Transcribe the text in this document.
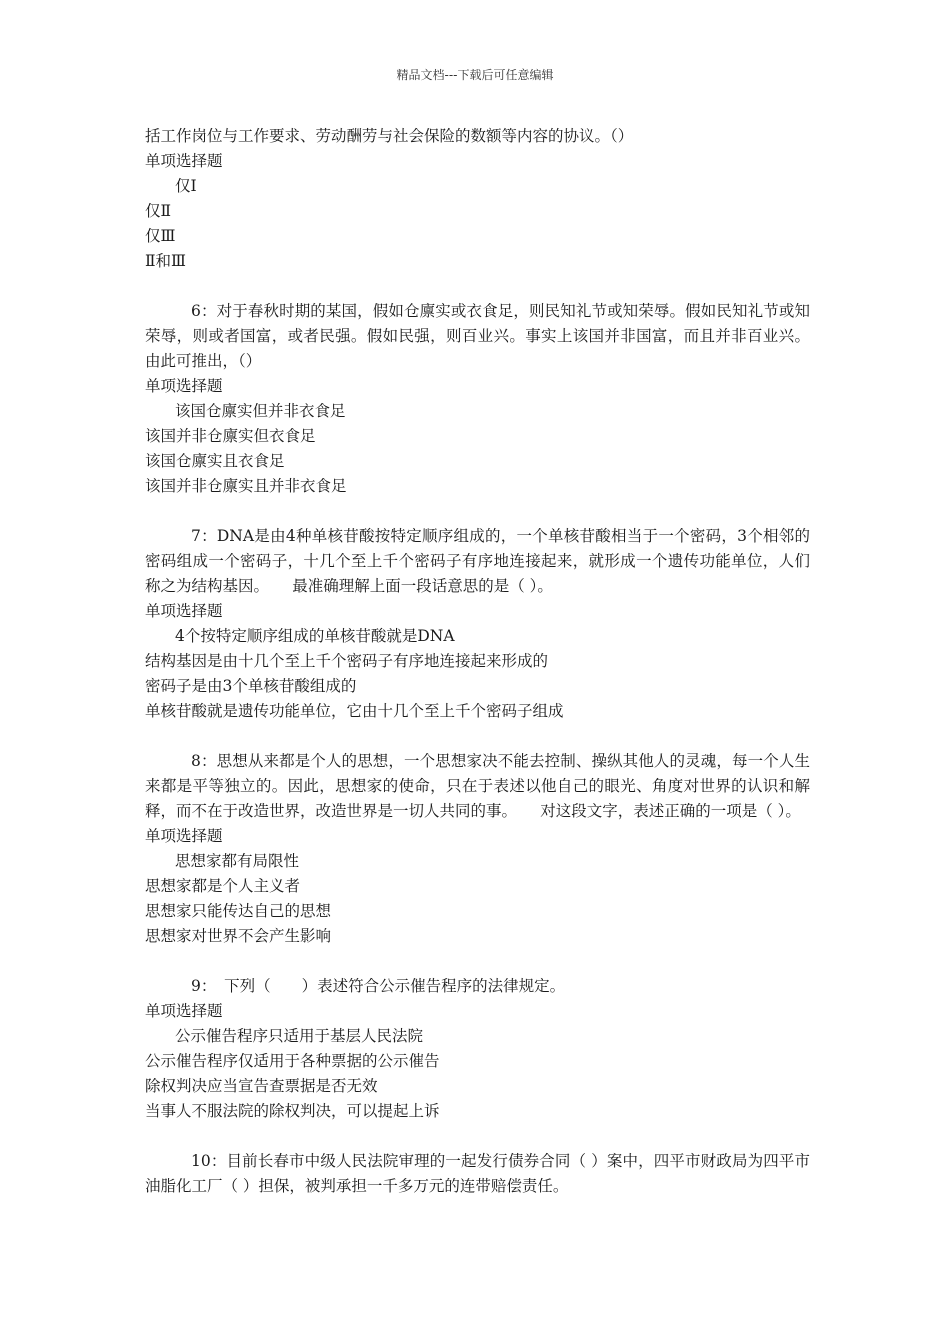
精品文档---下载后可任意编辑
括工作岗位与工作要求、劳动酬劳与社会保险的数额等内容的协议。（）
单项选择题
仅Ⅰ
仅Ⅱ
仅Ⅲ
Ⅱ和Ⅲ
6：对于春秋时期的某国，假如仓廪实或衣食足，则民知礼节或知荣辱。假如民知礼节或知荣辱，则或者国富，或者民强。假如民强，则百业兴。事实上该国并非国富，而且并非百业兴。由此可推出，（）
单项选择题
该国仓廪实但并非衣食足
该国并非仓廪实但衣食足
该国仓廪实且衣食足
该国并非仓廪实且并非衣食足
7：DNA是由4种单核苷酸按特定顺序组成的，一个单核苷酸相当于一个密码，3个相邻的密码组成一个密码子，十几个至上千个密码子有序地连接起来，就形成一个遗传功能单位，人们称之为结构基因。　　最准确理解上面一段话意思的是（ ）。
单项选择题
4个按特定顺序组成的单核苷酸就是DNA
结构基因是由十几个至上千个密码子有序地连接起来形成的
密码子是由3个单核苷酸组成的
单核苷酸就是遗传功能单位，它由十几个至上千个密码子组成
8：思想从来都是个人的思想，一个思想家决不能去控制、操纵其他人的灵魂，每一个人生来都是平等独立的。因此，思想家的使命，只在于表述以他自己的眼光、角度对世界的认识和解释，而不在于改造世界，改造世界是一切人共同的事。　　对这段文字，表述正确的一项是（ ）。
单项选择题
思想家都有局限性
思想家都是个人主义者
思想家只能传达自己的思想
思想家对世界不会产生影响
9：　下列（　　）表述符合公示催告程序的法律规定。
单项选择题
公示催告程序只适用于基层人民法院
公示催告程序仅适用于各种票据的公示催告
除权判决应当宣告查票据是否无效
当事人不服法院的除权判决，可以提起上诉
10：目前长春市中级人民法院审理的一起发行债券合同（ ）案中，四平市财政局为四平市油脂化工厂（ ）担保，被判承担一千多万元的连带赔偿责任。
